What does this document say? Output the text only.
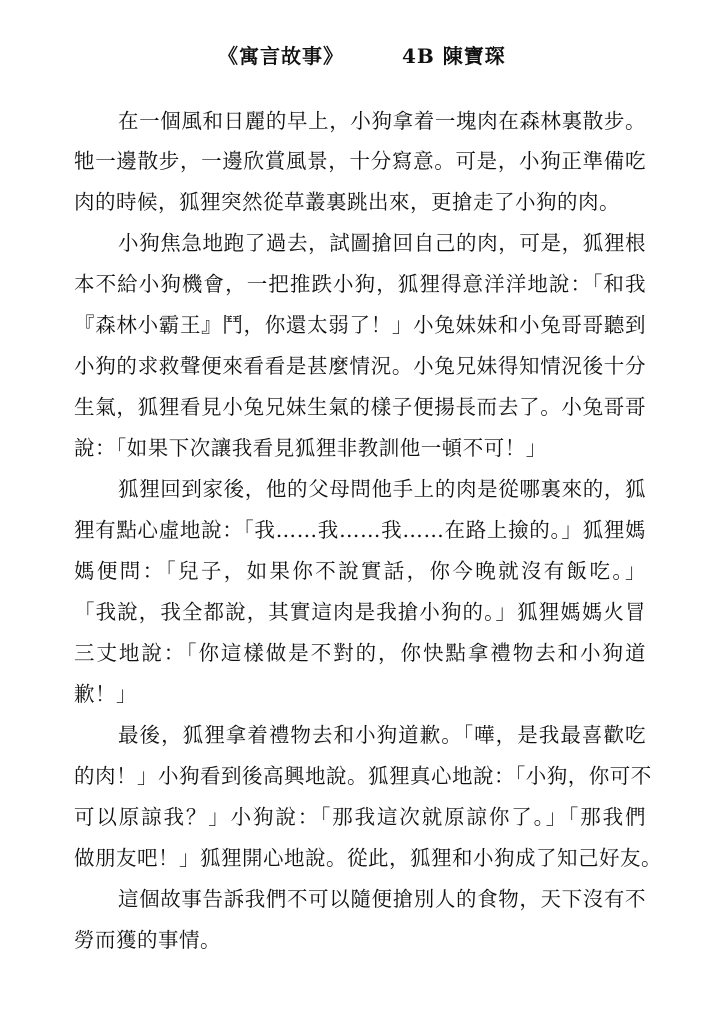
《寓言故事》	4B 陳寶琛
在一個風和日麗的早上，小狗拿着一塊肉在森林裏散步。
牠一邊散步，一邊欣賞風景，十分寫意。可是，小狗正準備吃
肉的時候，狐狸突然從草叢裏跳出來，更搶走了小狗的肉。
小狗焦急地跑了過去，試圖搶回自己的肉，可是，狐狸根
本不給小狗機會，一把推跌小狗，狐狸得意洋洋地說：「和我
『森林小霸王』鬥，你還太弱了！」小兔妹妹和小兔哥哥聽到
小狗的求救聲便來看看是甚麼情況。小兔兄妹得知情況後十分
生氣，狐狸看見小兔兄妹生氣的樣子便揚長而去了。小兔哥哥
說：「如果下次讓我看見狐狸非教訓他一頓不可！」
狐狸回到家後，他的父母問他手上的肉是從哪裏來的，狐
狸有點心虛地說：「我……我……我……在路上撿的。」狐狸媽
媽便問：「兒子，如果你不說實話，你今晚就沒有飯吃。」
「我說，我全都說，其實這肉是我搶小狗的。」狐狸媽媽火冒
三丈地說：「你這樣做是不對的，你快點拿禮物去和小狗道
歉！」
最後，狐狸拿着禮物去和小狗道歉。「嘩，是我最喜歡吃
的肉！」小狗看到後高興地說。狐狸真心地說：「小狗，你可不
可以原諒我？」小狗說：「那我這次就原諒你了。」「那我們
做朋友吧！」狐狸開心地說。從此，狐狸和小狗成了知己好友。
這個故事告訴我們不可以隨便搶別人的食物，天下沒有不
勞而獲的事情。
